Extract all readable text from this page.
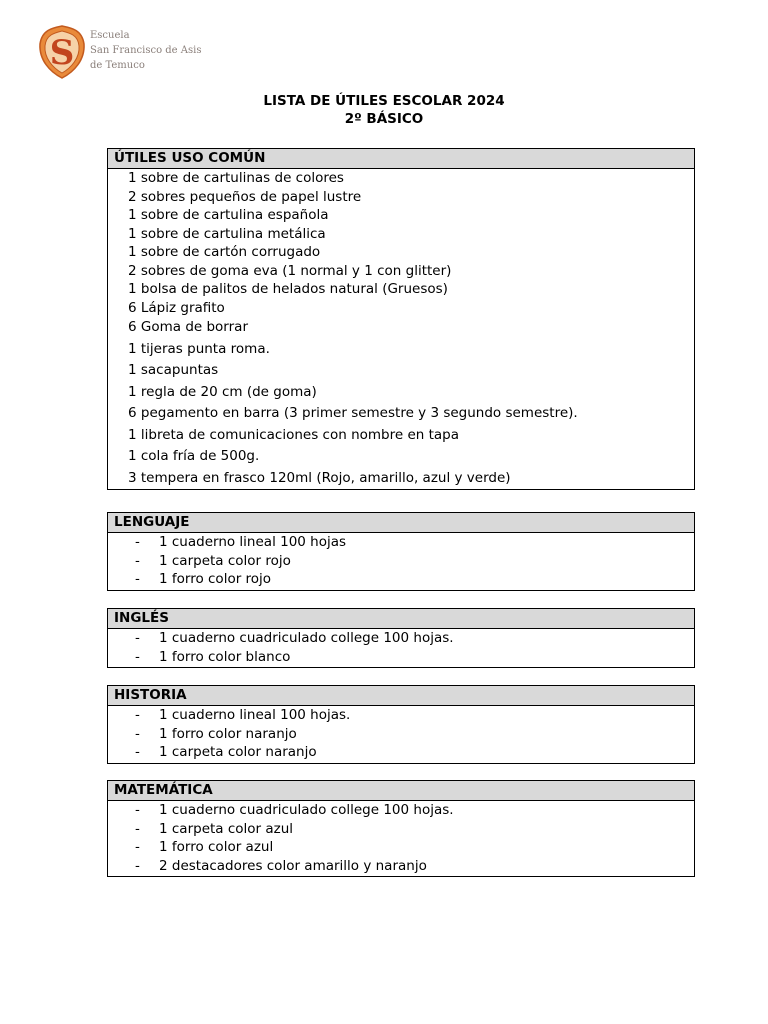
S Escuela
San Francisco de Asis
de Temuco
LISTA DE ÚTILES ESCOLAR 2024
2º BÁSICO
ÚTILES USO COMÚN
1 sobre de cartulinas de colores
2 sobres pequeños de papel lustre
1 sobre de cartulina española
1 sobre de cartulina metálica
1 sobre de cartón corrugado
2 sobres de goma eva (1 normal y 1 con glitter)
1 bolsa de palitos de helados natural (Gruesos)
6 Lápiz grafito
6 Goma de borrar
1 tijeras punta roma.
1 sacapuntas
1 regla de 20 cm (de goma)
6 pegamento en barra (3 primer semestre y 3 segundo semestre).
1 libreta de comunicaciones con nombre en tapa
1 cola fría de 500g.
3 tempera en frasco 120ml (Rojo, amarillo, azul y verde)
LENGUAJE
- 1 cuaderno lineal 100 hojas
- 1 carpeta color rojo
- 1 forro color rojo
INGLÉS
- 1 cuaderno cuadriculado college 100 hojas.
- 1 forro color blanco
HISTORIA
- 1 cuaderno lineal 100 hojas.
- 1 forro color naranjo
- 1 carpeta color naranjo
MATEMÁTICA
- 1 cuaderno cuadriculado college 100 hojas.
- 1 carpeta color azul
- 1 forro color azul
- 2 destacadores color amarillo y naranjo
